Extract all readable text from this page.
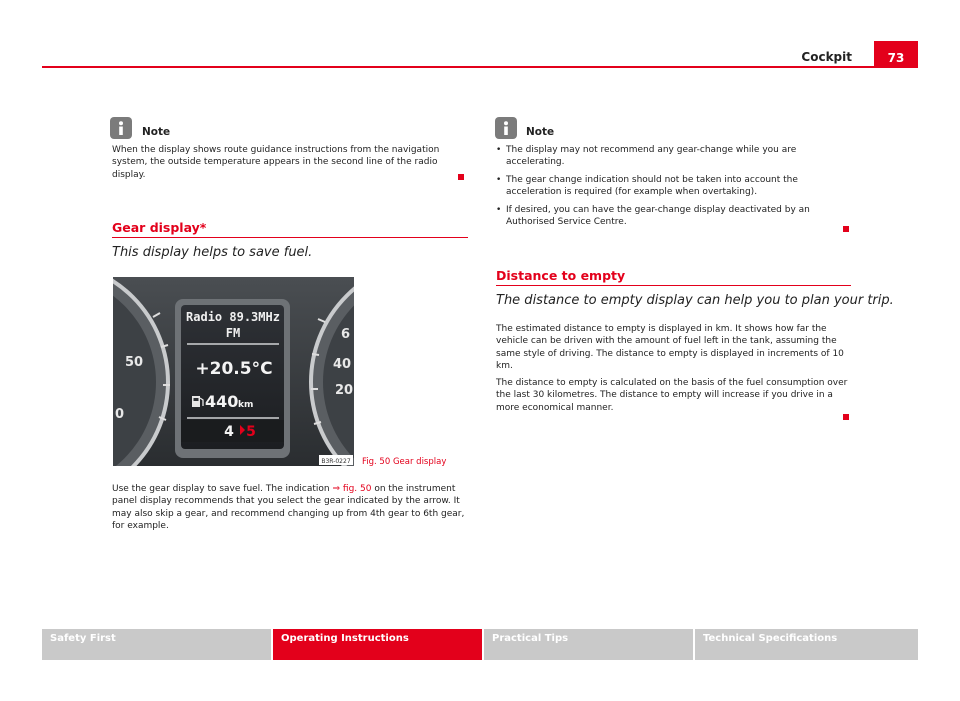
Cockpit	73
Note

When the display shows route guidance instructions from the navigation system, the outside temperature appears in the second line of the radio display.

Gear display*
This display helps to save fuel.
50
0
6
40
20
Radio 89.3MHz
FM
+20.5°C
440 km
4 5
B3R-0227 Fig. 50 Gear display

Use the gear display to save fuel. The indication ⇒ fig. 50 on the instrument panel display recommends that you select the gear indicated by the arrow. It may also skip a gear, and recommend changing up from 4th gear to 6th gear, for example.

Note

• The display may not recommend any gear-change while you are accelerating.

• The gear change indication should not be taken into account the acceleration is required (for example when overtaking).

• If desired, you can have the gear-change display deactivated by an Authorised Service Centre.

Distance to empty
The distance to empty display can help you to plan your trip.

The estimated distance to empty is displayed in km. It shows how far the vehicle can be driven with the amount of fuel left in the tank, assuming the same style of driving. The distance to empty is displayed in increments of 10 km.

The distance to empty is calculated on the basis of the fuel consumption over the last 30 kilometres. The distance to empty will increase if you drive in a more economical manner.

Safety First	Operating Instructions	Practical Tips	Technical Specifications
